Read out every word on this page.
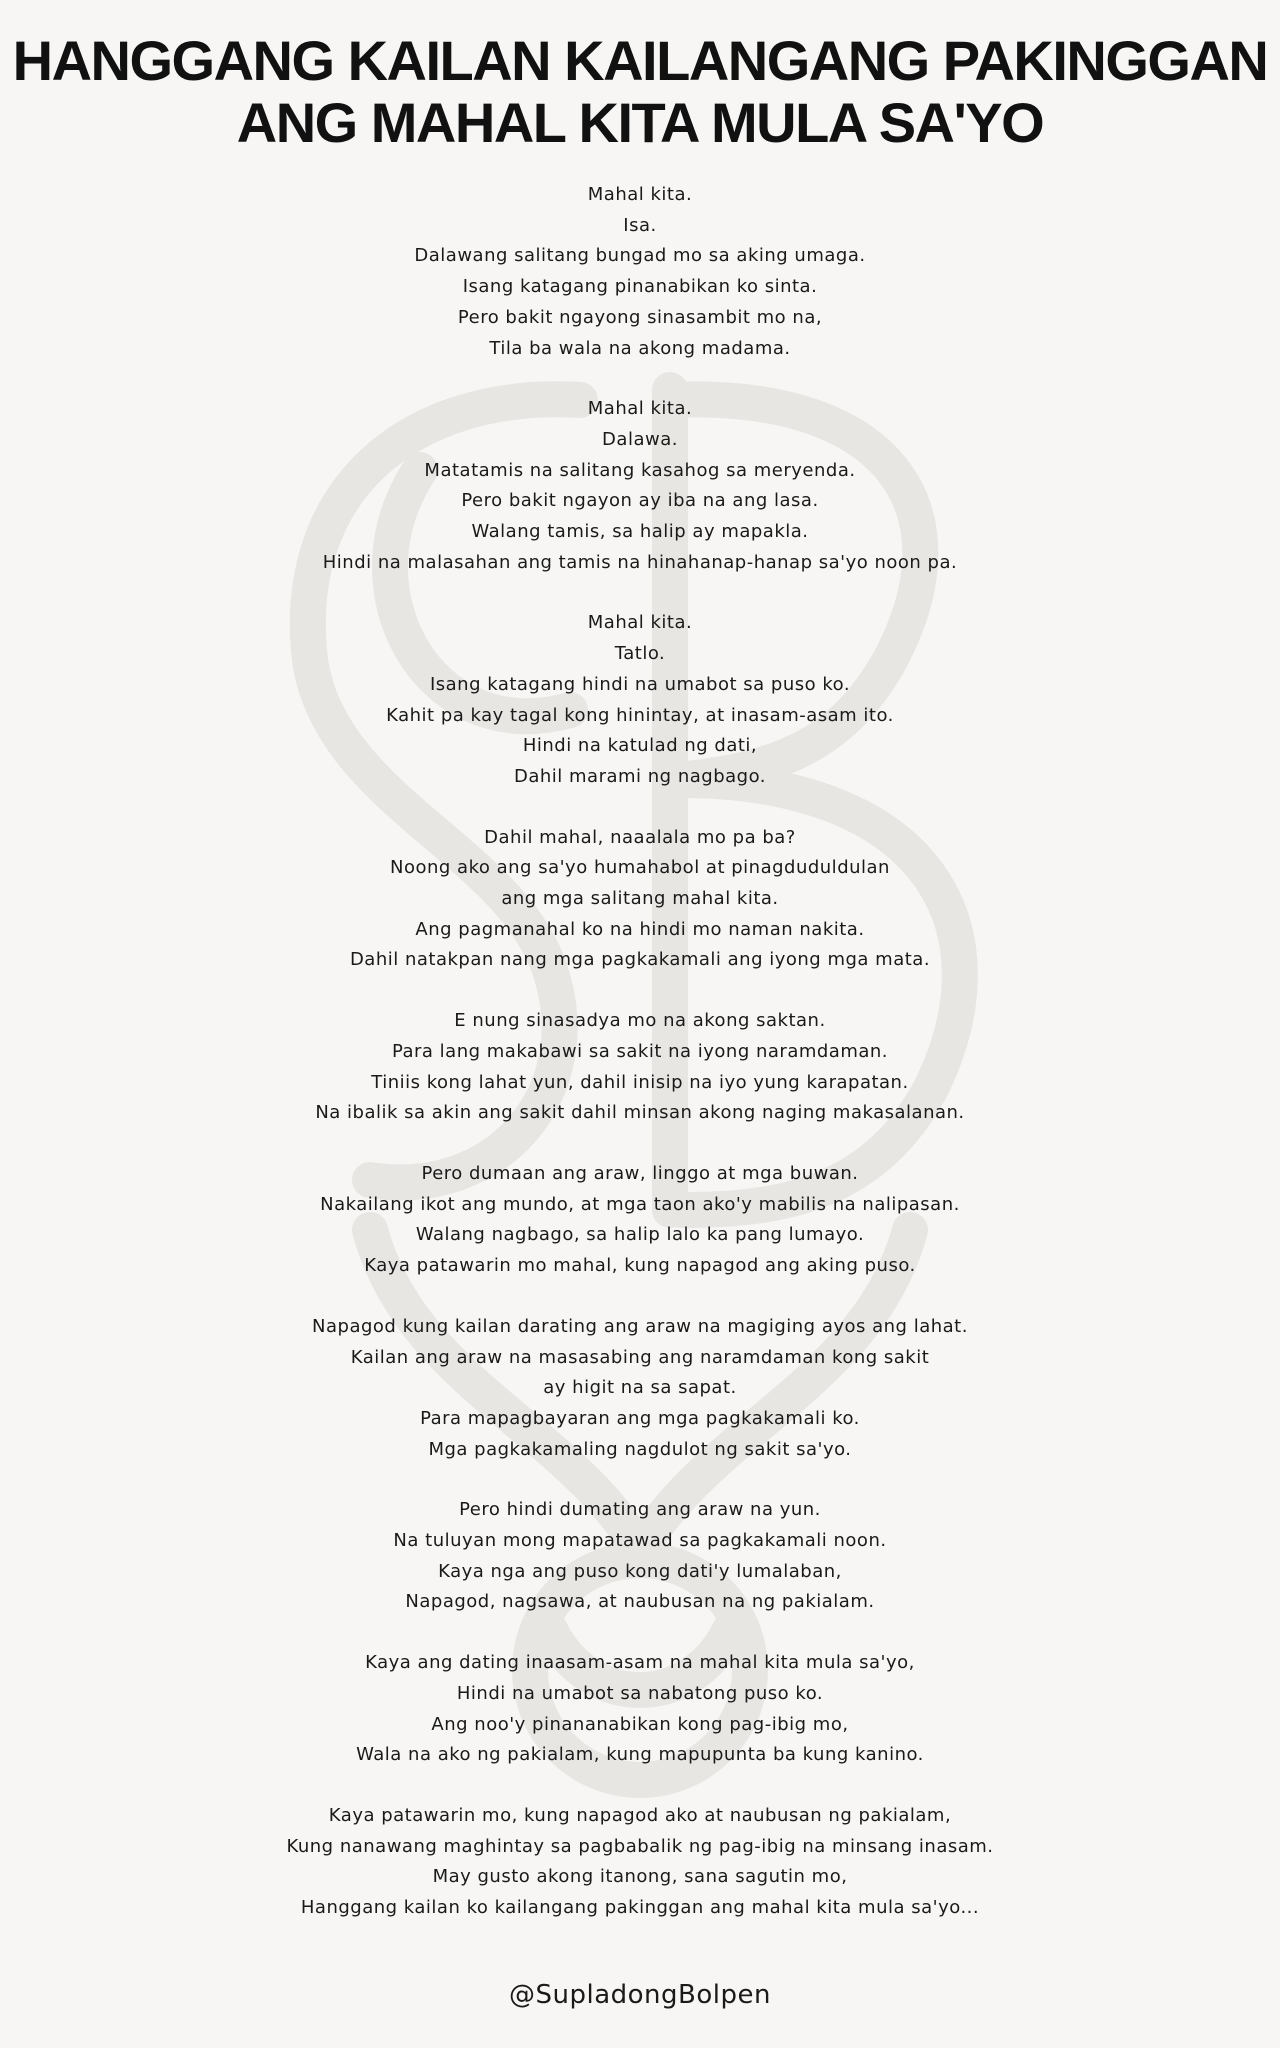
HANGGANG KAILAN KAILANGANG PAKINGGAN
ANG MAHAL KITA MULA SA'YO
Mahal kita.
Isa.
Dalawang salitang bungad mo sa aking umaga.
Isang katagang pinanabikan ko sinta.
Pero bakit ngayong sinasambit mo na,
Tila ba wala na akong madama.
Mahal kita.
Dalawa.
Matatamis na salitang kasahog sa meryenda.
Pero bakit ngayon ay iba na ang lasa.
Walang tamis, sa halip ay mapakla.
Hindi na malasahan ang tamis na hinahanap-hanap sa'yo noon pa.
Mahal kita.
Tatlo.
Isang katagang hindi na umabot sa puso ko.
Kahit pa kay tagal kong hinintay, at inasam-asam ito.
Hindi na katulad ng dati,
Dahil marami ng nagbago.
Dahil mahal, naaalala mo pa ba?
Noong ako ang sa'yo humahabol at pinagduduldulan
ang mga salitang mahal kita.
Ang pagmanahal ko na hindi mo naman nakita.
Dahil natakpan nang mga pagkakamali ang iyong mga mata.
E nung sinasadya mo na akong saktan.
Para lang makabawi sa sakit na iyong naramdaman.
Tiniis kong lahat yun, dahil inisip na iyo yung karapatan.
Na ibalik sa akin ang sakit dahil minsan akong naging makasalanan.
Pero dumaan ang araw, linggo at mga buwan.
Nakailang ikot ang mundo, at mga taon ako'y mabilis na nalipasan.
Walang nagbago, sa halip lalo ka pang lumayo.
Kaya patawarin mo mahal, kung napagod ang aking puso.
Napagod kung kailan darating ang araw na magiging ayos ang lahat.
Kailan ang araw na masasabing ang naramdaman kong sakit
ay higit na sa sapat.
Para mapagbayaran ang mga pagkakamali ko.
Mga pagkakamaling nagdulot ng sakit sa'yo.
Pero hindi dumating ang araw na yun.
Na tuluyan mong mapatawad sa pagkakamali noon.
Kaya nga ang puso kong dati'y lumalaban,
Napagod, nagsawa, at naubusan na ng pakialam.
Kaya ang dating inaasam-asam na mahal kita mula sa'yo,
Hindi na umabot sa nabatong puso ko.
Ang noo'y pinananabikan kong pag-ibig mo,
Wala na ako ng pakialam, kung mapupunta ba kung kanino.
Kaya patawarin mo, kung napagod ako at naubusan ng pakialam,
Kung nanawang maghintay sa pagbabalik ng pag-ibig na minsang inasam.
May gusto akong itanong, sana sagutin mo,
Hanggang kailan ko kailangang pakinggan ang mahal kita mula sa'yo...
@SupladongBolpen
